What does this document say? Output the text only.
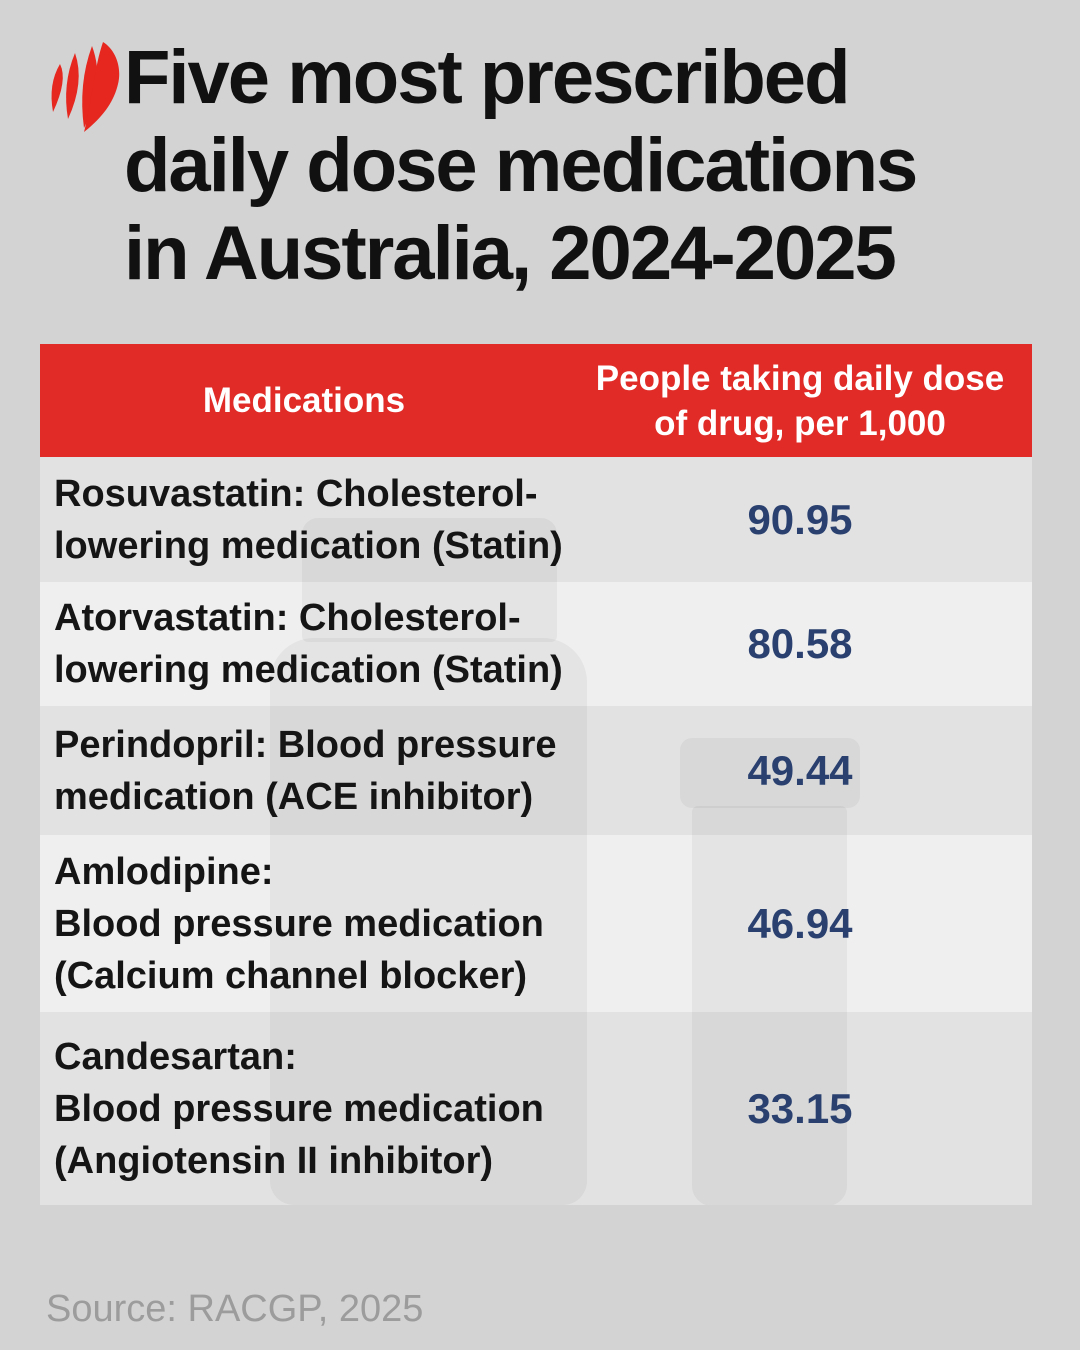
Five most prescribed
daily dose medications
in Australia, 2024-2025
Medications
People taking daily dose
of drug, per 1,000
Rosuvastatin: Cholesterol-
lowering medication (Statin)
90.95
Atorvastatin: Cholesterol-
lowering medication (Statin)
80.58
Perindopril: Blood pressure
medication (ACE inhibitor)
49.44
Amlodipine:
Blood pressure medication
(Calcium channel blocker)
46.94
Candesartan:
Blood pressure medication
(Angiotensin II inhibitor)
33.15
Source: RACGP, 2025
